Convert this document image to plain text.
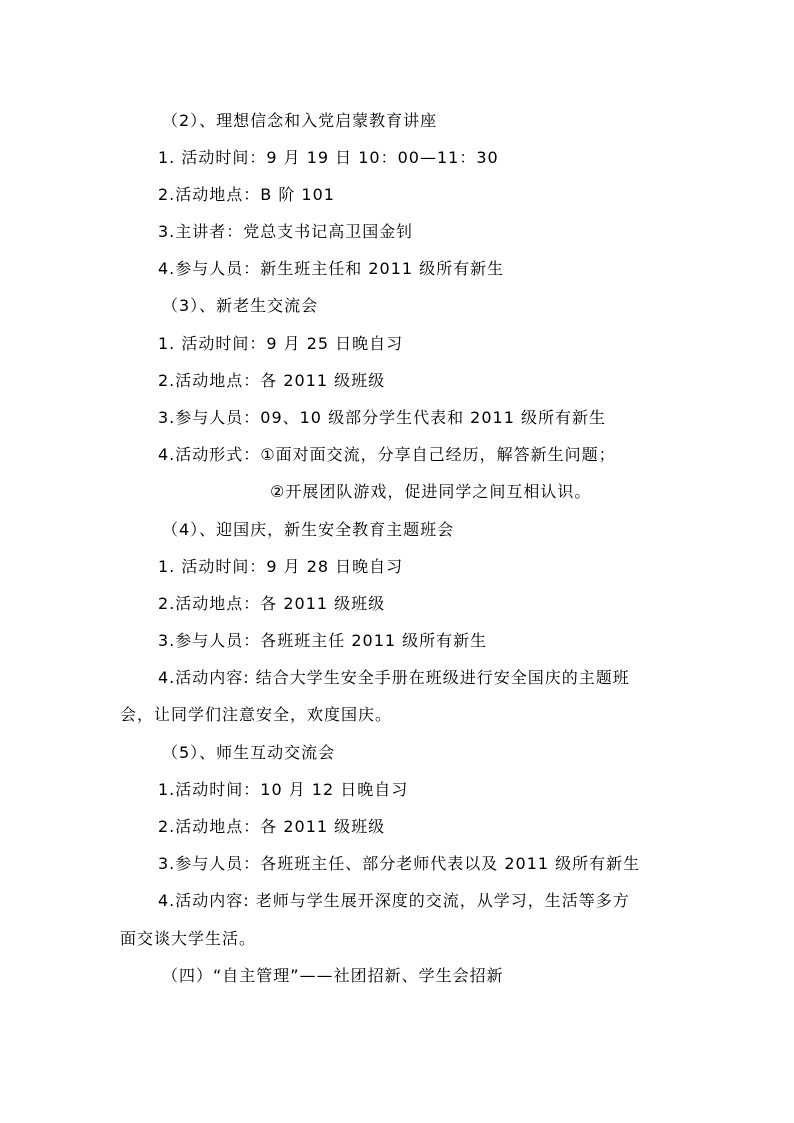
（2）、理想信念和入党启蒙教育讲座
1. 活动时间：9 月 19 日 10：00—11：30
2.活动地点：B 阶 101
3.主讲者：党总支书记高卫国金钊
4.参与人员：新生班主任和 2011 级所有新生
（3）、新老生交流会
1. 活动时间：9 月 25 日晚自习
2.活动地点：各 2011 级班级
3.参与人员：09、10 级部分学生代表和 2011 级所有新生
4.活动形式：①面对面交流，分享自己经历，解答新生问题；
②开展团队游戏，促进同学之间互相认识。
（4）、迎国庆，新生安全教育主题班会
1. 活动时间：9 月 28 日晚自习
2.活动地点：各 2011 级班级
3.参与人员：各班班主任 2011 级所有新生
4.活动内容: 结合大学生安全手册在班级进行安全国庆的主题班
会，让同学们注意安全，欢度国庆。
（5）、师生互动交流会
1.活动时间：10 月 12 日晚自习
2.活动地点：各 2011 级班级
3.参与人员：各班班主任、部分老师代表以及 2011 级所有新生
4.活动内容: 老师与学生展开深度的交流，从学习，生活等多方
面交谈大学生活。
（四）“自主管理”——社团招新、学生会招新
